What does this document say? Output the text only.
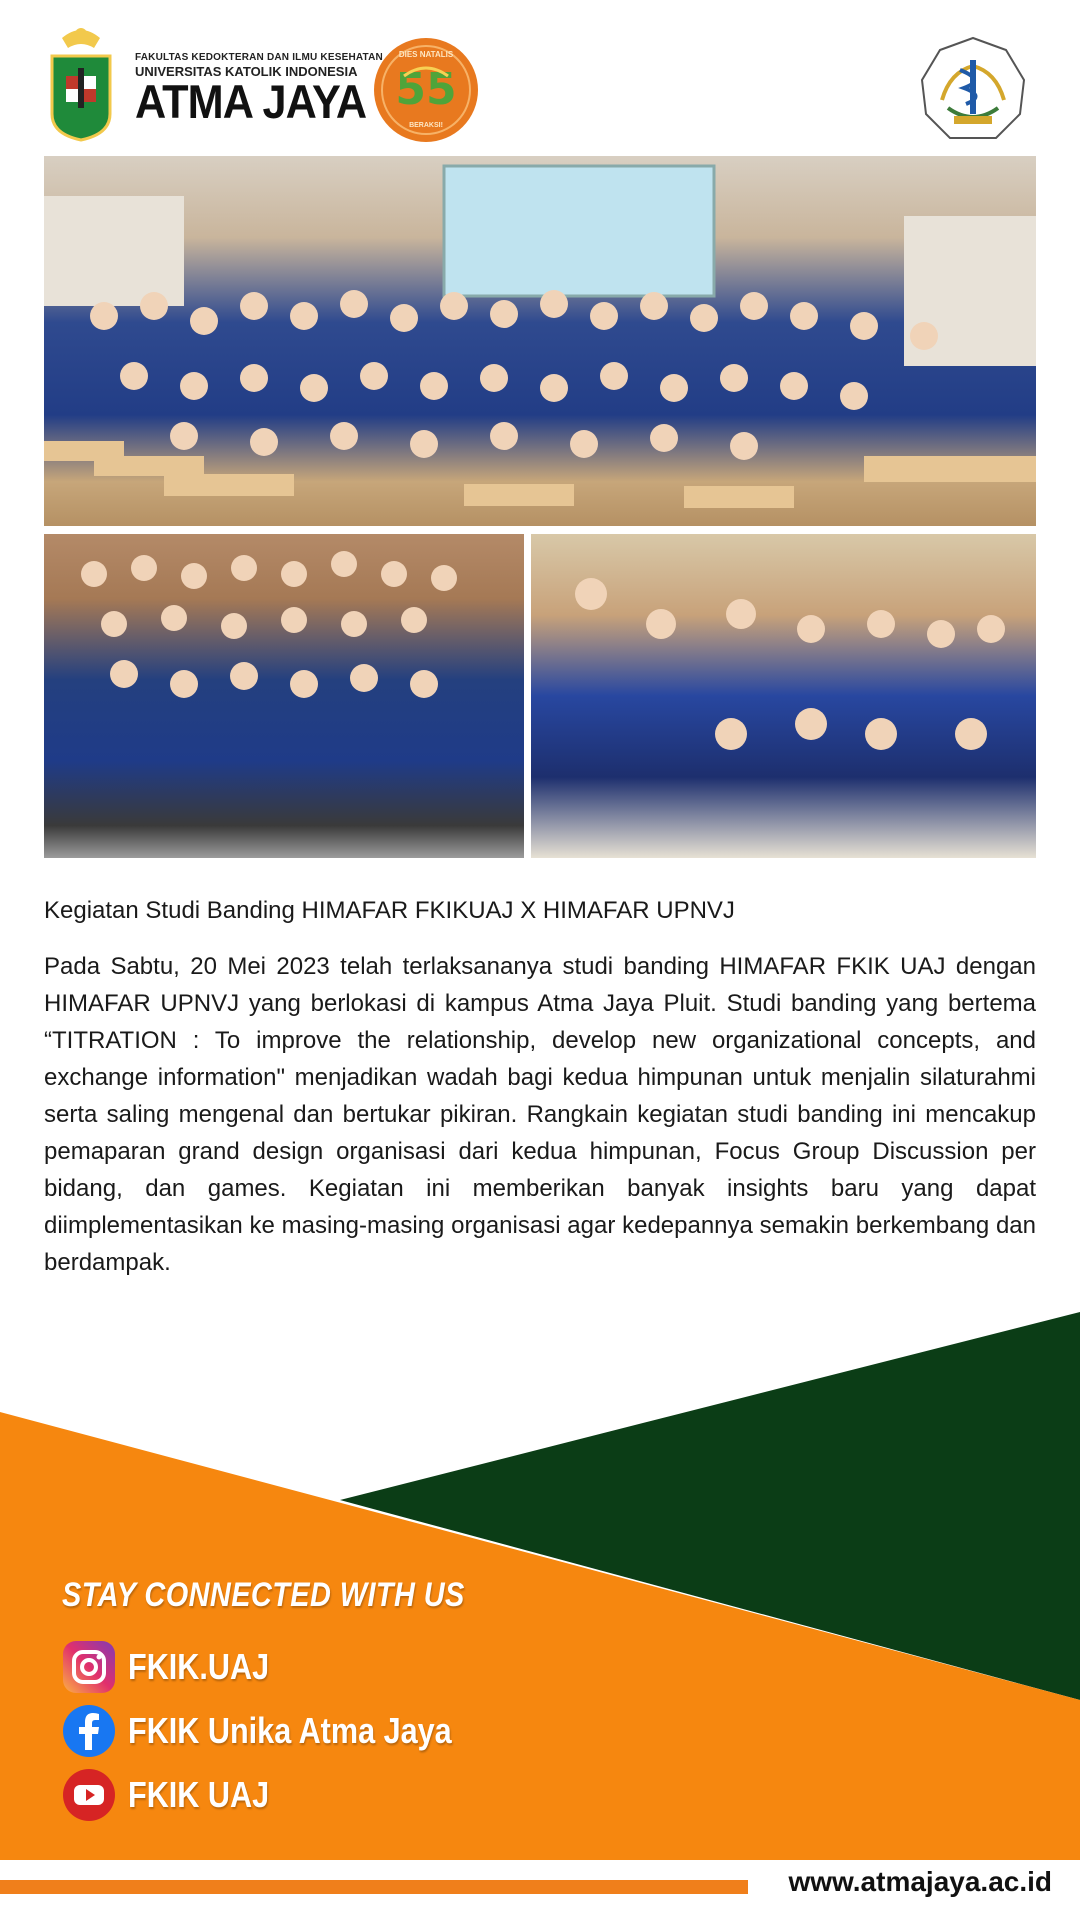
FAKULTAS KEDOKTERAN DAN ILMU KESEHATAN
UNIVERSITAS KATOLIK INDONESIA
ATMA JAYA 55
DIES NATALIS
BERAKSI!
Kegiatan Studi Banding HIMAFAR FKIKUAJ X HIMAFAR UPNVJ

Pada Sabtu, 20 Mei 2023 telah terlaksananya studi banding HIMAFAR FKIK UAJ dengan HIMAFAR UPNVJ yang berlokasi di kampus Atma Jaya Pluit. Studi banding yang bertema “TITRATION : To improve the relationship, develop new organizational concepts, and exchange information" menjadikan wadah bagi kedua himpunan untuk menjalin silaturahmi serta saling mengenal dan bertukar pikiran. Rangkain kegiatan studi banding ini mencakup pemaparan grand design organisasi dari kedua himpunan, Focus Group Discussion per bidang, dan games. Kegiatan ini memberikan banyak insights baru yang dapat diimplementasikan ke masing-masing organisasi agar kedepannya semakin berkembang dan berdampak.

STAY CONNECTED WITH US
FKIK.UAJ
FKIK Unika Atma Jaya
FKIK UAJ
www.atmajaya.ac.id
